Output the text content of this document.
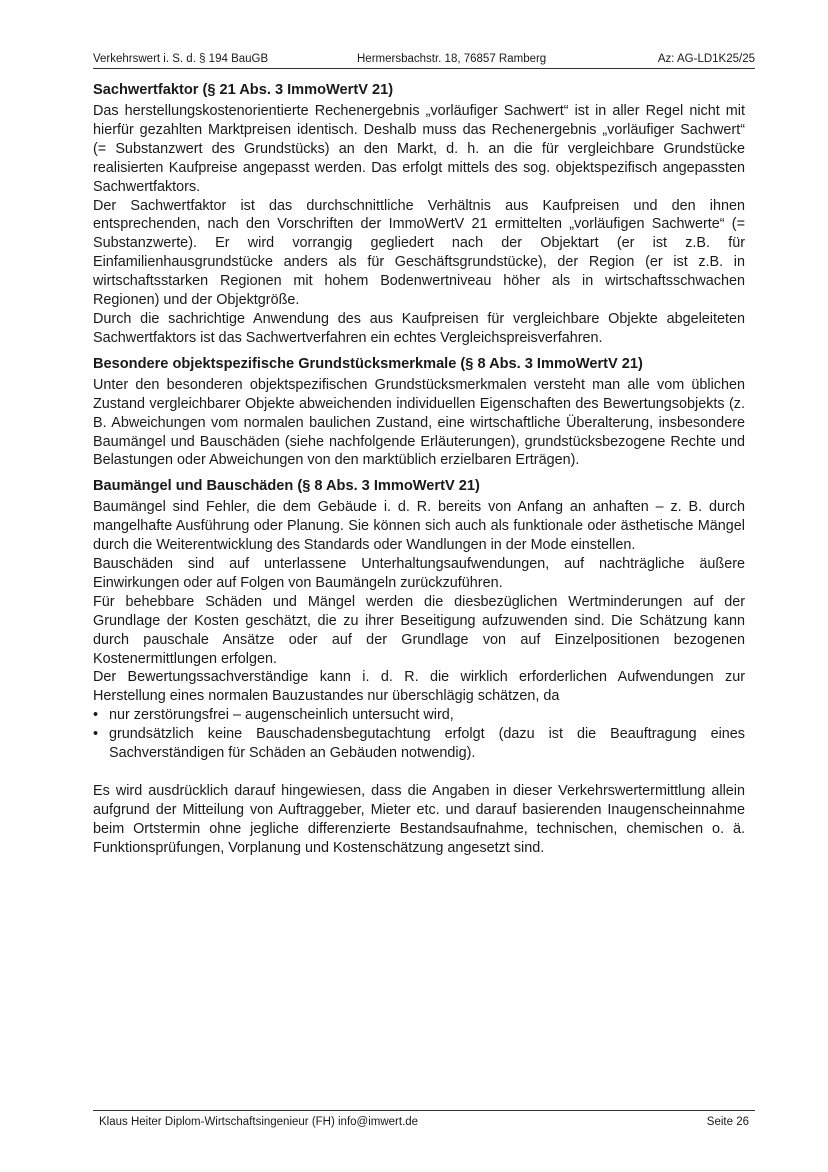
Verkehrswert i. S. d. § 194 BauGB	Hermersbachstr. 18, 76857 Ramberg	Az: AG-LD1K25/25
Sachwertfaktor (§ 21 Abs. 3 ImmoWertV 21)

Das herstellungskostenorientierte Rechenergebnis „vorläufiger Sachwert“ ist in aller Regel nicht mit hierfür gezahlten Marktpreisen identisch. Deshalb muss das Rechenergebnis „vorläufiger Sachwert“ (= Substanzwert des Grundstücks) an den Markt, d. h. an die für vergleichbare Grundstücke realisierten Kaufpreise angepasst werden. Das erfolgt mittels des sog. objektspezifisch angepassten Sachwertfaktors.

Der Sachwertfaktor ist das durchschnittliche Verhältnis aus Kaufpreisen und den ihnen entsprechenden, nach den Vorschriften der ImmoWertV 21 ermittelten „vorläufigen Sachwerte“ (= Substanzwerte). Er wird vorrangig gegliedert nach der Objektart (er ist z.B. für Einfamilienhausgrundstücke anders als für Geschäftsgrundstücke), der Region (er ist z.B. in wirtschaftsstarken Regionen mit hohem Bodenwertniveau höher als in wirtschaftsschwachen Regionen) und der Objektgröße.

Durch die sachrichtige Anwendung des aus Kaufpreisen für vergleichbare Objekte abgeleiteten Sachwertfaktors ist das Sachwertverfahren ein echtes Vergleichspreisverfahren.

Besondere objektspezifische Grundstücksmerkmale (§ 8 Abs. 3 ImmoWertV 21)

Unter den besonderen objektspezifischen Grundstücksmerkmalen versteht man alle vom üblichen Zustand vergleichbarer Objekte abweichenden individuellen Eigenschaften des Bewertungsobjekts (z. B. Abweichungen vom normalen baulichen Zustand, eine wirtschaftliche Überalterung, insbesondere Baumängel und Bauschäden (siehe nachfolgende Erläuterungen), grundstücksbezogene Rechte und Belastungen oder Abweichungen von den marktüblich erzielbaren Erträgen).

Baumängel und Bauschäden (§ 8 Abs. 3 ImmoWertV 21)

Baumängel sind Fehler, die dem Gebäude i. d. R. bereits von Anfang an anhaften – z. B. durch mangelhafte Ausführung oder Planung. Sie können sich auch als funktionale oder ästhetische Mängel durch die Weiterentwicklung des Standards oder Wandlungen in der Mode einstellen.

Bauschäden sind auf unterlassene Unterhaltungsaufwendungen, auf nachträgliche äußere Einwirkungen oder auf Folgen von Baumängeln zurückzuführen.

Für behebbare Schäden und Mängel werden die diesbezüglichen Wertminderungen auf der Grundlage der Kosten geschätzt, die zu ihrer Beseitigung aufzuwenden sind. Die Schätzung kann durch pauschale Ansätze oder auf der Grundlage von auf Einzelpositionen bezogenen Kostenermittlungen erfolgen.

Der Bewertungssachverständige kann i. d. R. die wirklich erforderlichen Aufwendungen zur Herstellung eines normalen Bauzustandes nur überschlägig schätzen, da

• nur zerstörungsfrei – augenscheinlich untersucht wird,
• grundsätzlich keine Bauschadensbegutachtung erfolgt (dazu ist die Beauftragung eines Sachverständigen für Schäden an Gebäuden notwendig).

Es wird ausdrücklich darauf hingewiesen, dass die Angaben in dieser Verkehrswertermittlung allein aufgrund der Mitteilung von Auftraggeber, Mieter etc. und darauf basierenden Inaugenscheinnahme beim Ortstermin ohne jegliche differenzierte Bestandsaufnahme, technischen, chemischen o. ä. Funktionsprüfungen, Vorplanung und Kostenschätzung angesetzt sind.

Klaus Heiter Diplom-Wirtschaftsingenieur (FH) info@imwert.de	Seite 26
